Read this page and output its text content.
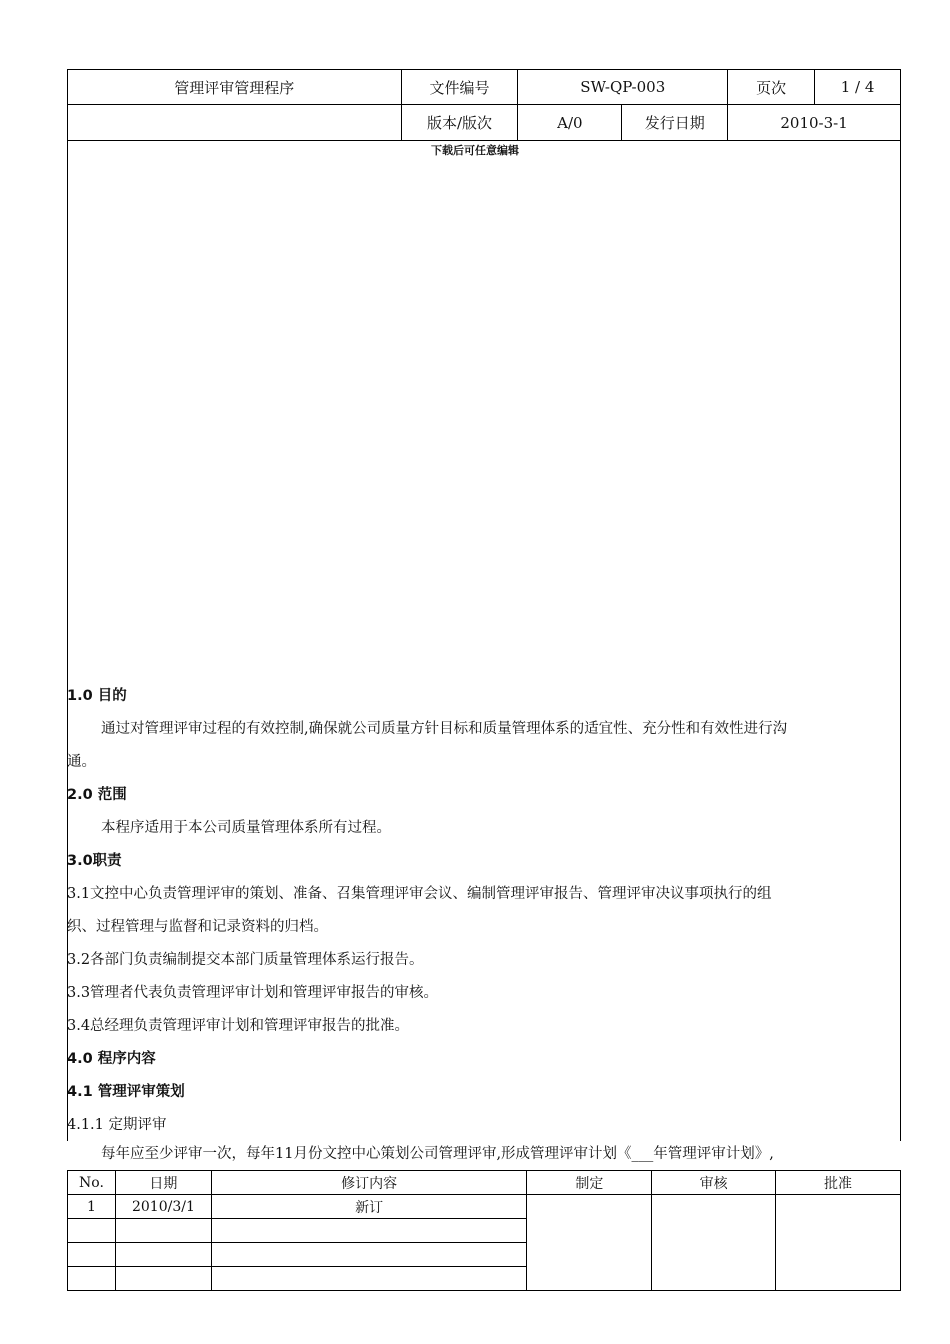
管理评审管理程序	文件编号	SW-QP-003		页次	1 / 4
	版本/版次	A/0	发行日期	2010-3-1	
下载后可任意编辑

1.0 目的

通过对管理评审过程的有效控制,确保就公司质量方针目标和质量管理体系的适宜性、充分性和有效性进行沟

通。

2.0 范围

本程序适用于本公司质量管理体系所有过程。

3.0职责

3.1文控中心负责管理评审的策划、准备、召集管理评审会议、编制管理评审报告、管理评审决议事项执行的组

织、过程管理与监督和记录资料的归档。

3.2各部门负责编制提交本部门质量管理体系运行报告。

3.3管理者代表负责管理评审计划和管理评审报告的审核。

3.4总经理负责管理评审计划和管理评审报告的批准。

4.0 程序内容

4.1 管理评审策划

4.1.1 定期评审

每年应至少评审一次，每年11月份文控中心策划公司管理评审,形成管理评审计划《___年管理评审计划》,
No.	日期	修订内容	制定	审核	批准
1	2010/3/1	新订			
